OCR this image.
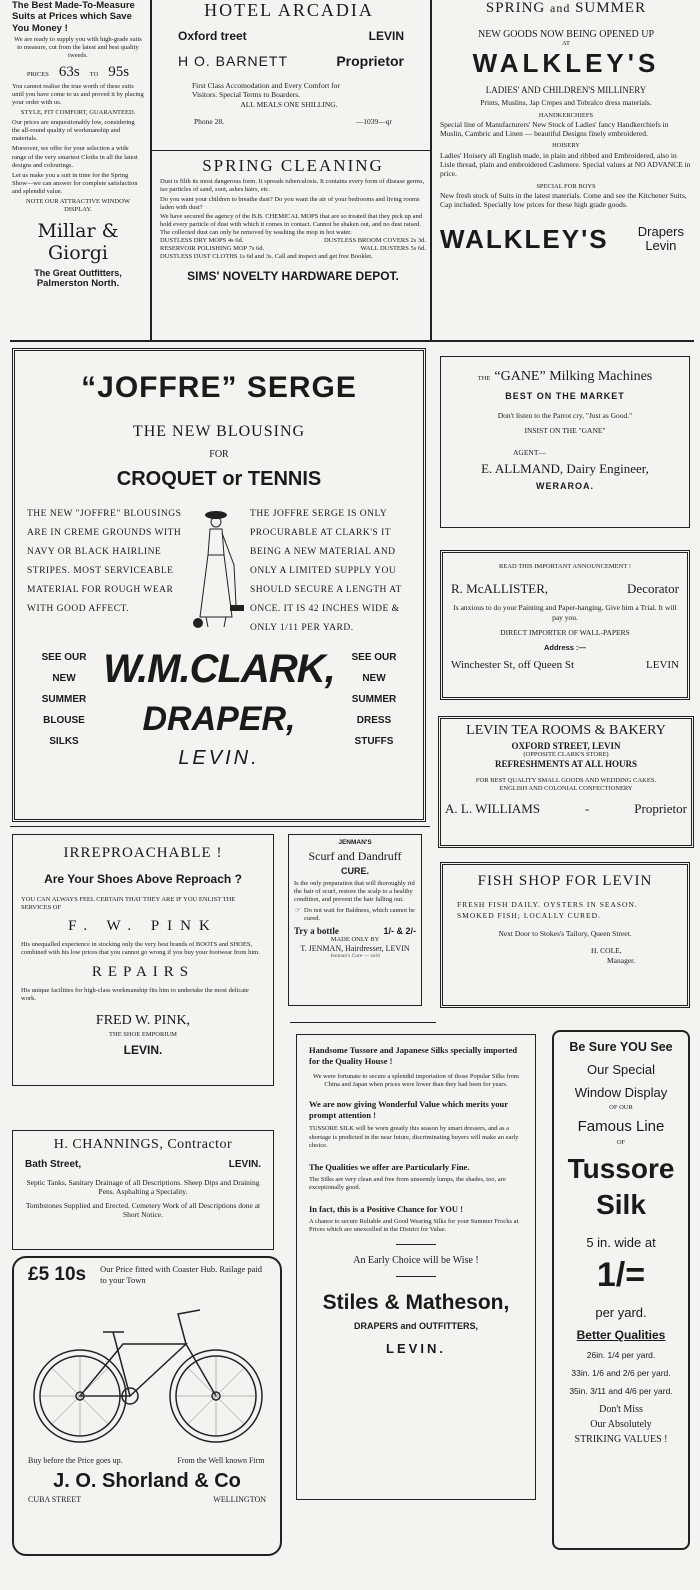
The Best Made-To-Measure Suits at Prices which Save You Money !
We are ready to supply you with high-grade suits to measure, cut from the latest and best quality tweeds.
PRICES 63s TO 95s
You cannot realise the true worth of these suits until you have come to us and proved it by placing your order with us.
STYLE, FIT COMFORT, GUARANTEED.
Our prices are unquestionably low, considering the all-round quality of workmanship and materials.
Moreover, we offer for your selection a wide range of the very smartest Cloths in all the latest designs and colourings.
Let us make you a suit in time for the Spring Show—we can answer for complete satisfaction and splendid value.
NOTE OUR ATTRACTIVE WINDOW DISPLAY.
Millar & Giorgi
The Great Outfitters,
Palmerston North.
HOTEL ARCADIA
Oxford treet	LEVIN
H O. BARNETT	Proprietor
First Class Accomodation and Every Comfort for
Visitors. Special Terms to Boarders.
ALL MEALS ONE SHILLING.
Phone 28.	—1039—qr
SPRING CLEANING
Dust is filth its most dangerous form. It spreads tuberculosis. It contains every form of disease germs, iso particles of sand, soot, ashes hairs, etc.
Do you want your children to breathe dust? Do you want the air of your bedrooms and living rooms laden with dust?
We have secured the agency of the B.B. CHEMICAL MOPS that are so treated that they pick up and hold every particle of dust with which it comes in contact. Cannot be shaken out, and no dust raised.
The collected dust can only be removed by washing the mop in hot water.
DUSTLESS DRY MOPS 4s 6d.	DUSTLESS BROOM COVERS 2s 3d.
RESERVOIR POLISHING MOP 7s 6d.	WALL DUSTERS 5s 6d.
DUSTLESS DUST CLOTHS 1s 6d and 3s. Call and inspect and get free Booklet.
SIMS' NOVELTY HARDWARE DEPOT.
SPRING and SUMMER
NEW GOODS NOW BEING OPENED UP
AT
WALKLEY'S
LADIES' AND CHILDREN'S MILLINERY
Prints, Muslins, Jap Crepes and Tobralco dress materials.
HANDKERCHIEFS
Special line of Manufacturers' New Stock of Ladies' fancy Handkerchiefs in Muslin, Cambric and Linen — beautiful Designs finely embroidered.
HOISERY
Ladies' Hoisery all English made, in plain and ribbed and Embroidered, also in Lisle thread, plain and embroidered Cashmere. Special values at NO ADVANCE in price.
SPECIAL FOR BOYS
New fresh stock of Suits in the latest materials. Come and see the Kitchener Suits, Cap included. Specially low prices for these high grade goods.
WALKLEY'S Drapers
Levin
“JOFFRE” SERGE
THE NEW BLOUSING
FOR
CROQUET or TENNIS
THE NEW "JOFFRE" BLOUSINGS ARE IN CREME GROUNDS WITH NAVY OR BLACK HAIRLINE STRIPES. MOST SERVICEABLE MATERIAL FOR ROUGH WEAR WITH GOOD AFFECT.
THE JOFFRE SERGE IS ONLY PROCURABLE AT CLARK'S IT BEING A NEW MATERIAL AND ONLY A LIMITED SUPPLY YOU SHOULD SECURE A LENGTH AT ONCE. IT IS 42 INCHES WIDE & ONLY 1/11 PER YARD.
SEE OUR
NEW
SUMMER
BLOUSE
SILKS
W.M.CLARK,
DRAPER,
LEVIN.
SEE OUR
NEW
SUMMER
DRESS
STUFFS
THE “GANE” Milking Machines
BEST ON THE MARKET
Don't listen to the Parrot cry, "Just as Good."
INSIST ON THE "GANE"
AGENT—
E. ALLMAND, Dairy Engineer,
WERAROA.
READ THIS IMPORTANT ANNOUNCEMENT !
R. McALLISTER,	Decorator
Is anxious to do your Painting and Paper-hanging. Give him a Trial. It will pay you.
DIRECT IMPORTER OF WALL-PAPERS
Address :—
Winchester St, off Queen St	LEVIN
LEVIN TEA ROOMS & BAKERY
OXFORD STREET, LEVIN
(OPPOSITE CLARK'S STORE)
REFRESHMENTS AT ALL HOURS
FOR BEST QUALITY SMALL GOODS AND WEDDING CAKES. ENGLISH AND COLONIAL CONFECTIONERY
A. L. WILLIAMS	-	Proprietor
FISH SHOP FOR LEVIN
FRESH FISH DAILY. OYSTERS IN SEASON. SMOKED FISH; LOCALLY CURED.
Next Door to Stokes's Tailory, Queen Street.
H. COLE,
Manager.
IRREPROACHABLE !
Are Your Shoes Above Reproach ?
YOU CAN ALWAYS FEEL CERTAIN THAT THEY ARE IF YOU ENLIST THE SERVICES OF
F. W. PINK
His unequalled experience in stocking only the very best brands of BOOTS and SHOES, combined with his low prices that you cannot go wrong if you buy your footwear from him.
REPAIRS
His unique facilities for high-class workmanship fits him to undertake the most delicate work.
FRED W. PINK,
THE SHOE EMPORIUM
LEVIN.
JENMAN'S
Scurf and Dandruff
CURE.
Is the only preparation that will thoroughly rid the hair of scurf, restore the scalp to a healthy condition, and prevent the hair falling out.
☞ Do not wait for Baldness, which cannot be cured.
Try a bottle	1/- & 2/-
MADE ONLY BY
T. JENMAN, Hairdresser, LEVIN
Jenman's Cure — sold
H. CHANNINGS, Contractor
Bath Street,	LEVIN.
Septic Tanks, Sanitary Drainage of all Descriptions. Sheep Dips and Draining Pens. Asphalting a Speciality.
Tombstones Supplied and Erected. Cemetery Work of all Descriptions done at Short Notice.
£5 10s Our Price fitted with Coaster Hub. Railage paid to your Town
Buy before the Price goes up.	From the Well known Firm
J. O. Shorland & Co
CUBA STREET	WELLINGTON
Handsome Tussore and Japanese Silks specially imported for the Quality House !
We were fortunate to secure a splendid importation of those Popular Silks from China and Japan when prices were lower than they had been for years.
We are now giving Wonderful Value which merits your prompt attention !
TUSSORE SILK will be worn greatly this season by smart dressers, and as a shortage is predicted in the near future, discriminating buyers will make an early choice.
The Qualities we offer are Particularly Fine.
The Silks are very clean and free from unseemly lumps, the shades, too, are exceptionally good.
In fact, this is a Positive Chance for YOU !
A chance to secure Reliable and Good Wearing Silks for your Summer Frocks at Prices which are unexcelled in the District for Value.
An Early Choice will be Wise !
Stiles & Matheson,
DRAPERS and OUTFITTERS,
LEVIN.
Be Sure YOU See
Our Special
Window Display
OF OUR
Famous Line
OF
Tussore
Silk
5 in. wide at
1/=
per yard.
Better Qualities
26in. 1/4 per yard.
33in. 1/6 and 2/6 per yard.
35in. 3/11 and 4/6 per yard.
Don't Miss
Our Absolutely
STRIKING VALUES !
